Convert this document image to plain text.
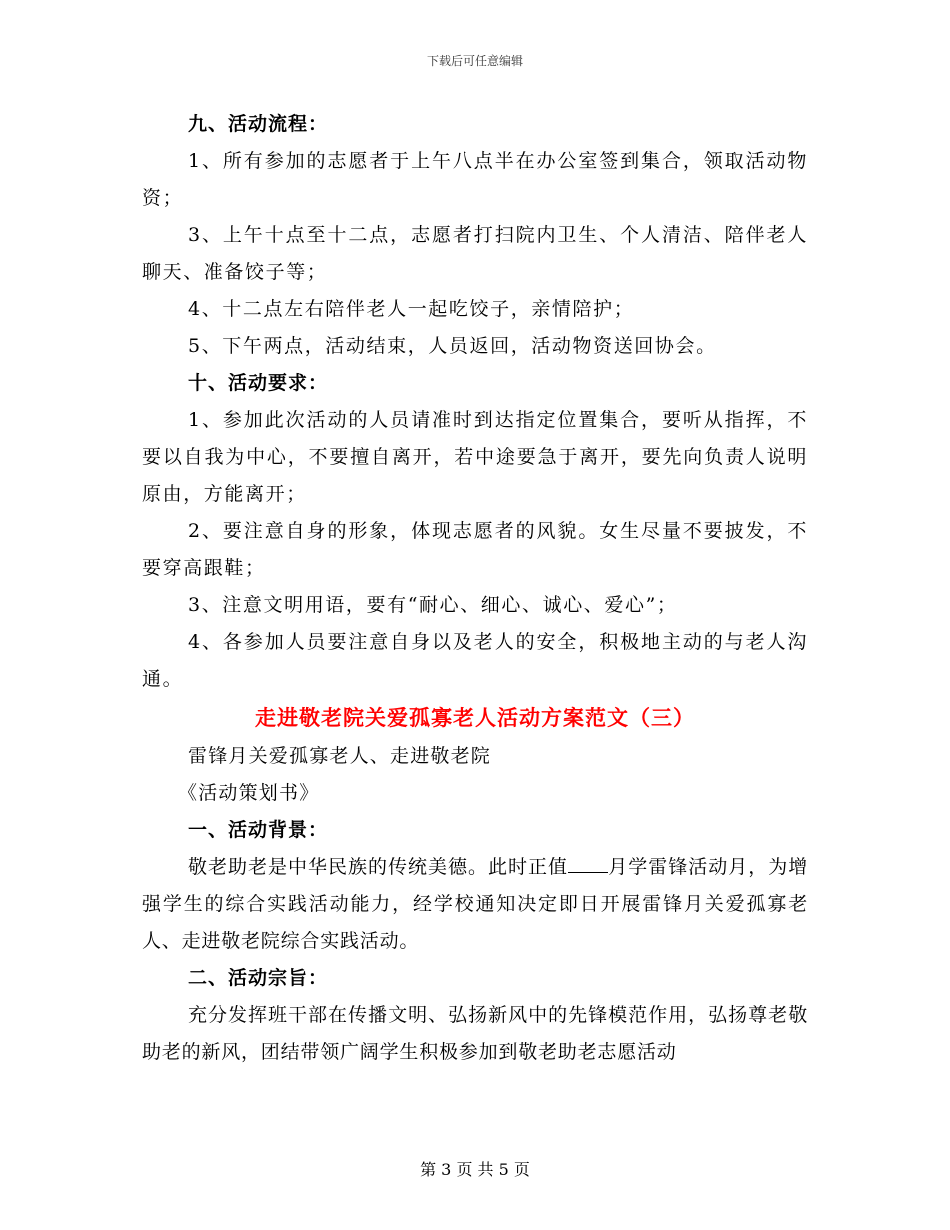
下载后可任意编辑
九、活动流程：
1、所有参加的志愿者于上午八点半在办公室签到集合，领取活动物资；
3、上午十点至十二点，志愿者打扫院内卫生、个人清洁、陪伴老人聊天、准备饺子等；
4、十二点左右陪伴老人一起吃饺子，亲情陪护；
5、下午两点，活动结束，人员返回，活动物资送回协会。
十、活动要求：
1、参加此次活动的人员请准时到达指定位置集合，要听从指挥，不要以自我为中心，不要擅自离开，若中途要急于离开，要先向负责人说明原由，方能离开；
2、要注意自身的形象，体现志愿者的风貌。女生尽量不要披发，不要穿高跟鞋；
3、注意文明用语，要有“耐心、细心、诚心、爱心”；
4、各参加人员要注意自身以及老人的安全，积极地主动的与老人沟通。
走进敬老院关爱孤寡老人活动方案范文（三）
雷锋月关爱孤寡老人、走进敬老院
《活动策划书》
一、活动背景：
敬老助老是中华民族的传统美德。此时正值 月学雷锋活动月，为增强学生的综合实践活动能力，经学校通知决定即日开展雷锋月关爱孤寡老人、走进敬老院综合实践活动。
二、活动宗旨：
充分发挥班干部在传播文明、弘扬新风中的先锋模范作用，弘扬尊老敬助老的新风，团结带领广阔学生积极参加到敬老助老志愿活动
第 3 页 共 5 页
